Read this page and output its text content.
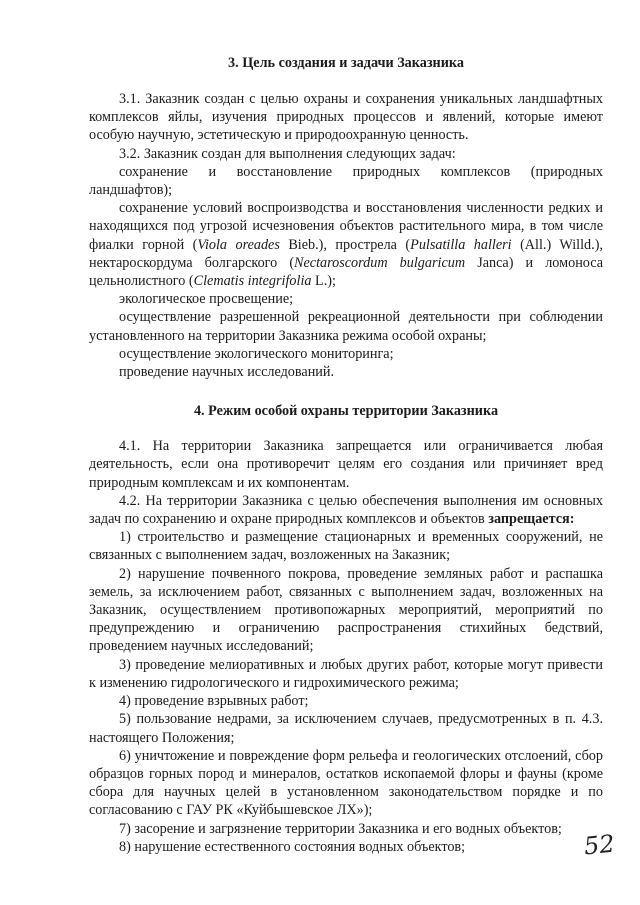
3. Цель создания и задачи Заказника

3.1. Заказник создан с целью охраны и сохранения уникальных ландшафтных комплексов яйлы, изучения природных процессов и явлений, которые имеют особую научную, эстетическую и природоохранную ценность.

3.2. Заказник создан для выполнения следующих задач:

сохранение и восстановление природных комплексов (природных ландшафтов);

сохранение условий воспроизводства и восстановления численности редких и находящихся под угрозой исчезновения объектов растительного мира, в том числе фиалки горной (Viola oreades Bieb.), прострела (Pulsatilla halleri (All.) Willd.), нектароскордума болгарского (Nectaroscordum bulgaricum Janca) и ломоноса цельнолистного (Clematis integrifolia L.);

экологическое просвещение;

осуществление разрешенной рекреационной деятельности при соблюдении установленного на территории Заказника режима особой охраны;

осуществление экологического мониторинга;

проведение научных исследований.

4. Режим особой охраны территории Заказника

4.1. На территории Заказника запрещается или ограничивается любая деятельность, если она противоречит целям его создания или причиняет вред природным комплексам и их компонентам.

4.2. На территории Заказника с целью обеспечения выполнения им основных задач по сохранению и охране природных комплексов и объектов запрещается:

1) строительство и размещение стационарных и временных сооружений, не связанных с выполнением задач, возложенных на Заказник;

2) нарушение почвенного покрова, проведение земляных работ и распашка земель, за исключением работ, связанных с выполнением задач, возложенных на Заказник, осуществлением противопожарных мероприятий, мероприятий по предупреждению и ограничению распространения стихийных бедствий, проведением научных исследований;

3) проведение мелиоративных и любых других работ, которые могут привести к изменению гидрологического и гидрохимического режима;

4) проведение взрывных работ;

5) пользование недрами, за исключением случаев, предусмотренных в п. 4.3. настоящего Положения;

6) уничтожение и повреждение форм рельефа и геологических отслоений, сбор образцов горных пород и минералов, остатков ископаемой флоры и фауны (кроме сбора для научных целей в установленном законодательством порядке и по согласованию с ГАУ РК «Куйбышевское ЛХ»);

7) засорение и загрязнение территории Заказника и его водных объектов;

8) нарушение естественного состояния водных объектов;	52
